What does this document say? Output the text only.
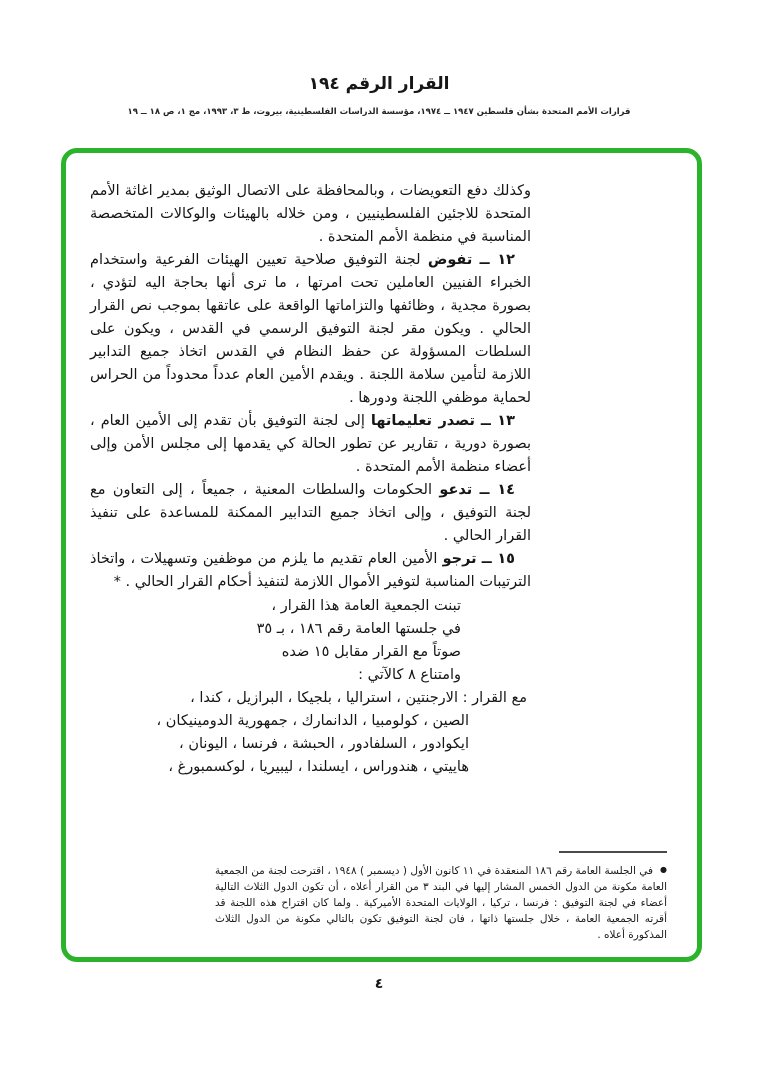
القرار الرقم ١٩٤
قرارات الأمم المتحدة بشأن فلسطين ١٩٤٧ ــ ١٩٧٤، مؤسسة الدراسات الفلسطينية، بيروت، ط ٣، ١٩٩٣، مج ١، ص ١٨ ــ ١٩

وكذلك دفع التعويضات ، وبالمحافظة على الاتصال الوثيق بمدير اغاثة الأمم المتحدة للاجئين الفلسطينيين ، ومن خلاله بالهيئات والوكالات المتخصصة المناسبة في منظمة الأمم المتحدة .

١٢ ــ تفوض لجنة التوفيق صلاحية تعيين الهيئات الفرعية واستخدام الخبراء الفنيين العاملين تحت امرتها ، ما ترى أنها بحاجة اليه لتؤدي ، بصورة مجدية ، وظائفها والتزاماتها الواقعة على عاتقها بموجب نص القرار الحالي . ويكون مقر لجنة التوفيق الرسمي في القدس ، ويكون على السلطات المسؤولة عن حفظ النظام في القدس اتخاذ جميع التدابير اللازمة لتأمين سلامة اللجنة . ويقدم الأمين العام عدداً محدوداً من الحراس لحماية موظفي اللجنة ودورها .

١٣ ــ تصدر تعليماتها إلى لجنة التوفيق بأن تقدم إلى الأمين العام ، بصورة دورية ، تقارير عن تطور الحالة كي يقدمها إلى مجلس الأمن وإلى أعضاء منظمة الأمم المتحدة .

١٤ ــ تدعو الحكومات والسلطات المعنية ، جميعاً ، إلى التعاون مع لجنة التوفيق ، وإلى اتخاذ جميع التدابير الممكنة للمساعدة على تنفيذ القرار الحالي .

١٥ ــ ترجو الأمين العام تقديم ما يلزم من موظفين وتسهيلات ، واتخاذ الترتيبات المناسبة لتوفير الأموال اللازمة لتنفيذ أحكام القرار الحالي . *

تبنت الجمعية العامة هذا القرار ،

في جلستها العامة رقم ١٨٦ ، بـ ٣٥

صوتاً مع القرار مقابل ١٥ ضده

وامتناع ٨ كالآتي :

مع القرار : الارجنتين ، استراليا ، بلجيكا ، البرازيل ، كندا ،

الصين ، كولومبيا ، الدانمارك ، جمهورية الدومينيكان ،

ايكوادور ، السلفادور ، الحبشة ، فرنسا ، اليونان ،

هاييتي ، هندوراس ، ايسلندا ، ليبيريا ، لوكسمبورغ ،

●في الجلسة العامة رقم ١٨٦ المنعقدة في ١١ كانون الأول ( ديسمبر ) ١٩٤٨ ، اقترحت لجنة من الجمعية العامة مكونة من الدول الخمس المشار إليها في البند ٣ من القرار أعلاه ، أن تكون الدول الثلاث التالية أعضاء في لجنة التوفيق : فرنسا ، تركيا ، الولايات المتحدة الأميركية . ولما كان اقتراح هذه اللجنة قد أقرته الجمعية العامة ، خلال جلستها ذاتها ، فان لجنة التوفيق تكون بالتالي مكونة من الدول الثلاث المذكورة أعلاه .

٤
